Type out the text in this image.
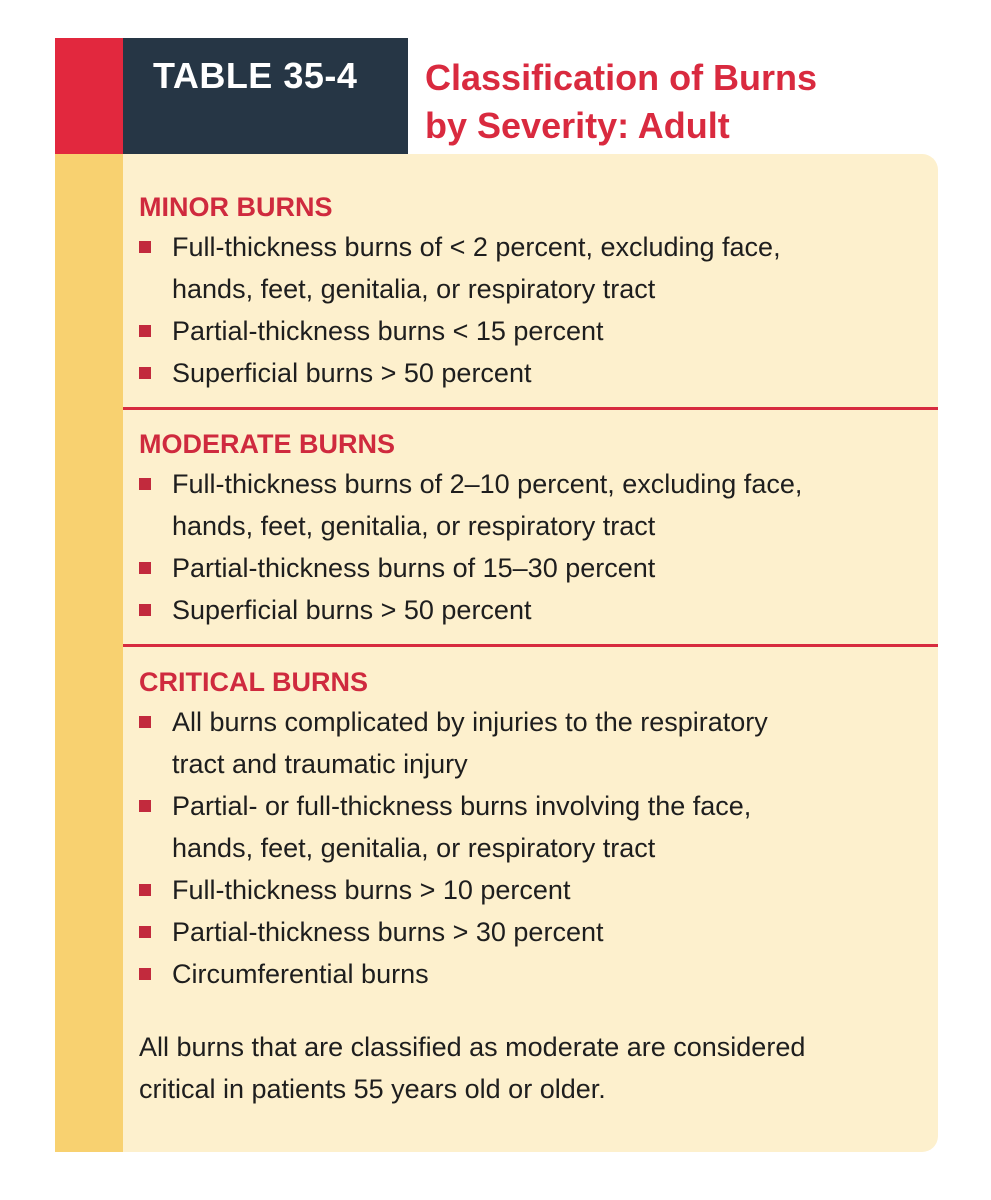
TABLE 35-4 Classification of Burns
by Severity: Adult
MINOR BURNS
Full-thickness burns of < 2 percent, excluding face,
hands, feet, genitalia, or respiratory tract
Partial-thickness burns < 15 percent
Superficial burns > 50 percent
MODERATE BURNS
Full-thickness burns of 2–10 percent, excluding face,
hands, feet, genitalia, or respiratory tract
Partial-thickness burns of 15–30 percent
Superficial burns > 50 percent
CRITICAL BURNS
All burns complicated by injuries to the respiratory
tract and traumatic injury
Partial- or full-thickness burns involving the face,
hands, feet, genitalia, or respiratory tract
Full-thickness burns > 10 percent
Partial-thickness burns > 30 percent
Circumferential burns
All burns that are classified as moderate are considered
critical in patients 55 years old or older.
